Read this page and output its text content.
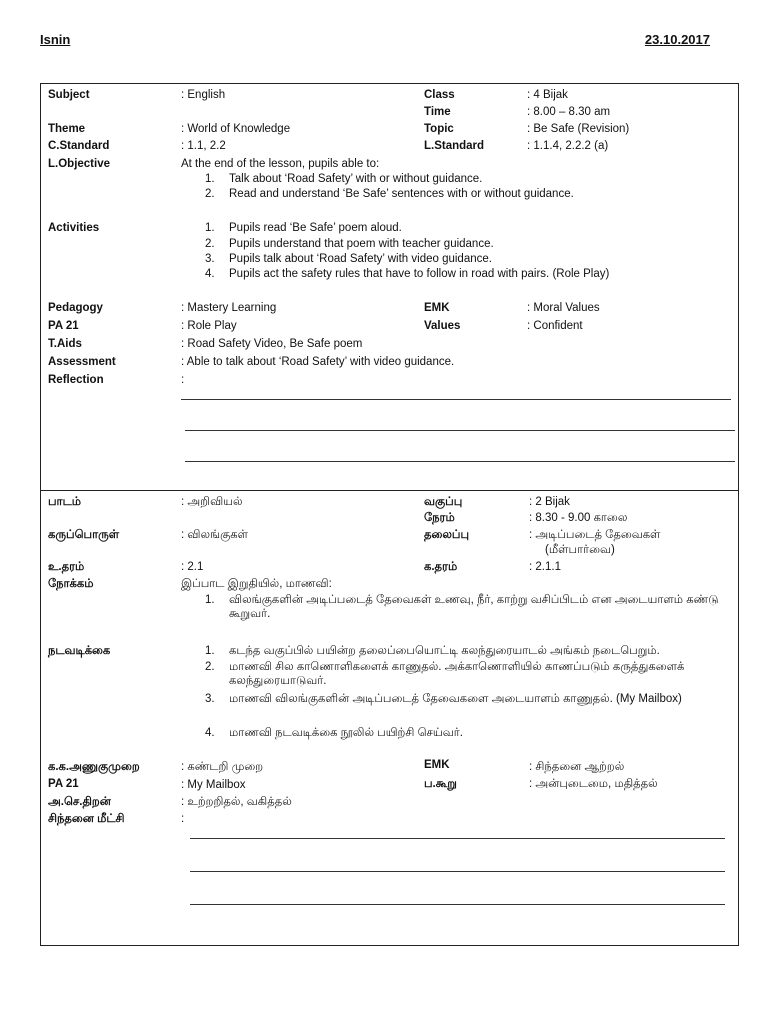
Isnin	23.10.2017
Subject	: English	Class	: 4 Bijak
Time	: 8.00 – 8.30 am
Theme	: World of Knowledge	Topic	: Be Safe (Revision)
C.Standard	: 1.1, 2.2	L.Standard	: 1.1.4, 2.2.2 (a)
L.Objective	At the end of the lesson, pupils able to:
1.	Talk about ‘Road Safety’ with or without guidance.
2.	Read and understand ‘Be Safe’ sentences with or without guidance.
Activities	1.	Pupils read ‘Be Safe’ poem aloud.
2.	Pupils understand that poem with teacher guidance.
3.	Pupils talk about ‘Road Safety’ with video guidance.
4.	Pupils act the safety rules that have to follow in road with pairs. (Role Play)
Pedagogy	: Mastery Learning	EMK	: Moral Values
PA 21	: Role Play	Values	: Confident
T.Aids	: Road Safety Video, Be Safe poem
Assessment	: Able to talk about ‘Road Safety’ with video guidance.
Reflection	:
பாடம்	: அறிவியல்	வகுப்பு	: 2 Bijak
நேரம்	: 8.30 - 9.00 காலை
கருப்பொருள்	: விலங்குகள்	தலைப்பு	: அடிப்படைத் தேவைகள்
(மீள்பார்வை)
உ.தரம்	: 2.1	க.தரம்	: 2.1.1
நோக்கம்	இப்பாட இறுதியில், மாணவி:
1.	விலங்குகளின் அடிப்படைத் தேவைகள் உணவு, நீர், காற்று வசிப்பிடம் என அடையாளம் கண்டு கூறுவர்.
நடவடிக்கை	1.	கடந்த வகுப்பில் பயின்ற தலைப்பையொட்டி கலந்துரையாடல் அங்கம் நடைபெறும்.
2.	மாணவி சில காணொளிகளைக் காணுதல். அக்காணொளியில் காணப்படும் கருத்துகளைக் கலந்துரையாடுவர்.
3.	மாணவி விலங்குகளின் அடிப்படைத் தேவைகளை அடையாளம் காணுதல். (My Mailbox)
4.	மாணவி நடவடிக்கை நூலில் பயிற்சி செய்வர்.
க.க.அணுகுமுறை	: கண்டறி முறை	EMK	: சிந்தனை ஆற்றல்
PA 21	: My Mailbox	ப.கூறு	: அன்புடைமை, மதித்தல்
அ.செ.திறன்	: உற்றறிதல், வகித்தல்
சிந்தனை மீட்சி	:
